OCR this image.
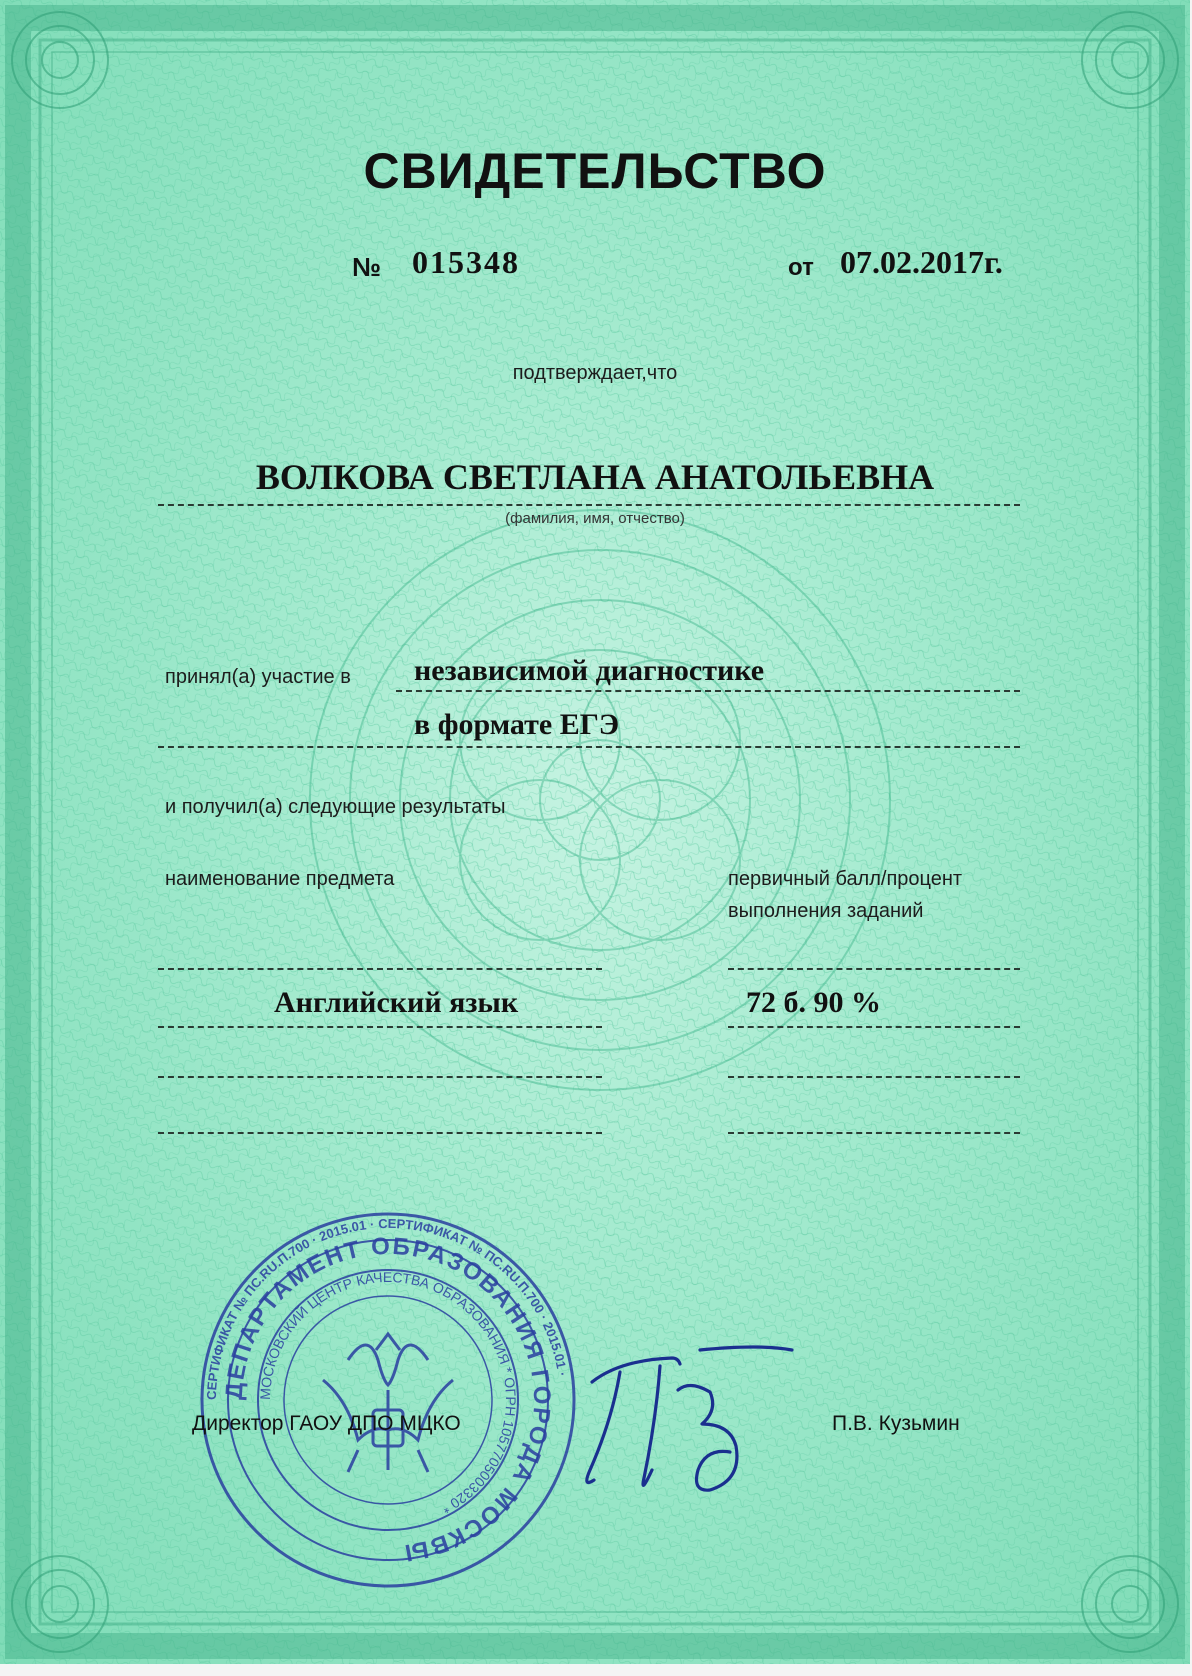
СВИДЕТЕЛЬСТВО
№ 015348	от 07.02.2017г.
подтверждает,что
ВОЛКОВА СВЕТЛАНА АНАТОЛЬЕВНА
(фамилия, имя, отчество)
принял(а) участие в независимой диагностике
в формате ЕГЭ
и получил(а) следующие результаты
наименование предмета	первичный балл/процент
выполнения заданий
Английский язык	72 б. 90 %
СЕРТИФИКАТ № ПС.RU.П.700 · 2015.01 · СЕРТИФИКАТ № ПС.RU.П.700 · 2015.01 ·
ДЕПАРТАМЕНТ ОБРАЗОВАНИЯ ГОРОДА МОСКВЫ
МОСКОВСКИЙ ЦЕНТР КАЧЕСТВА ОБРАЗОВАНИЯ * ОГРН 1057705003320 *
Директор ГАОУ ДПО МЦКО	П.В. Кузьмин
